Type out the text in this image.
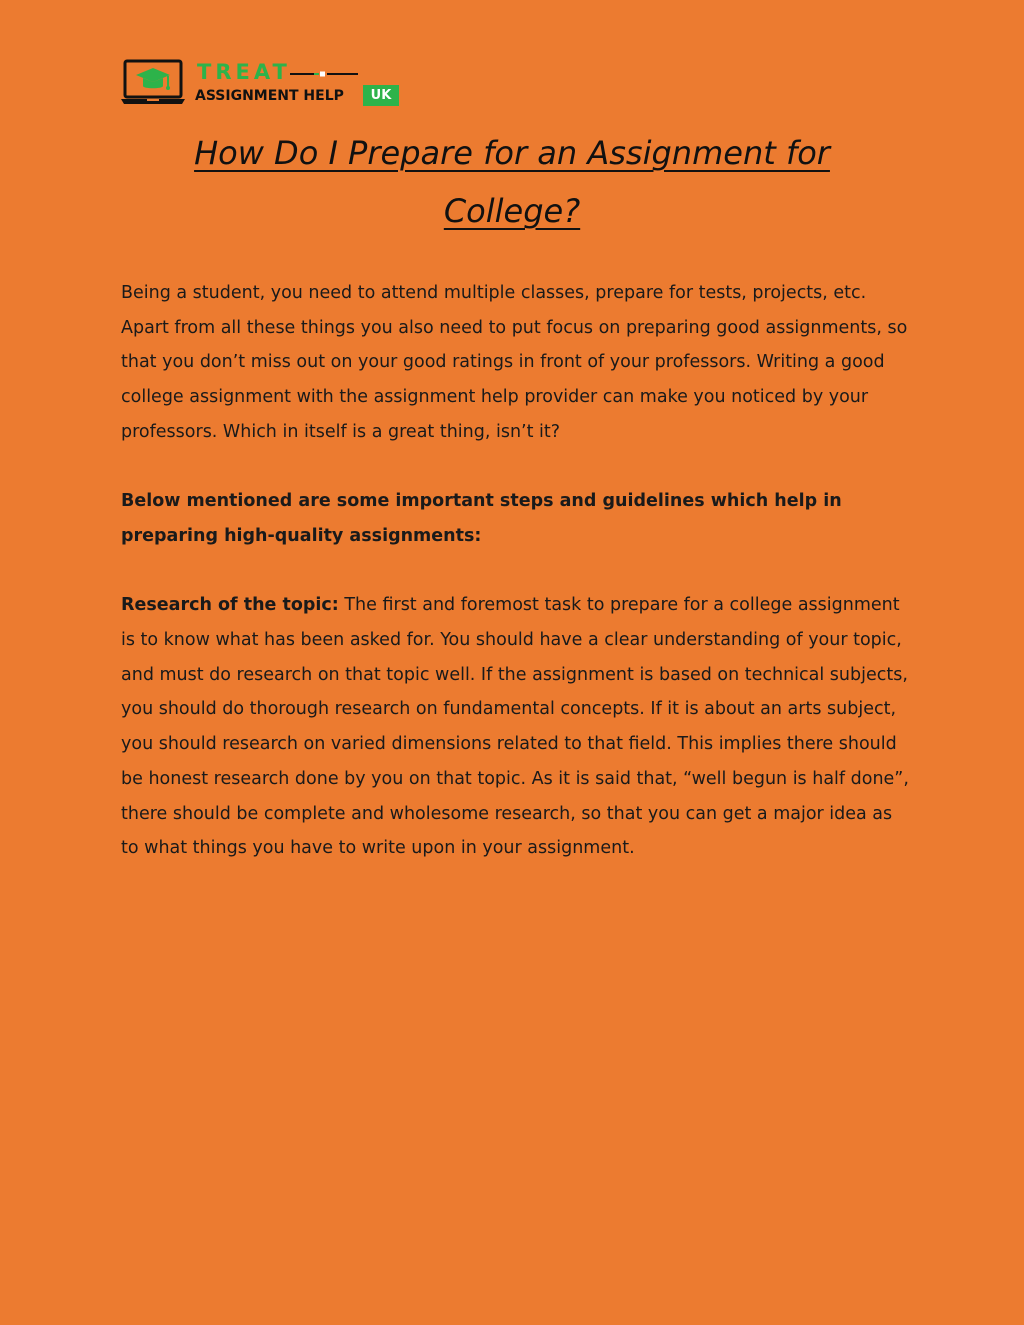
TREAT
ASSIGNMENT HELP	UK
How Do I Prepare for an Assignment for
College?

Being a student, you need to attend multiple classes, prepare for tests, projects, etc. Apart from all these things you also need to put focus on preparing good assignments, so that you don’t miss out on your good ratings in front of your professors. Writing a good college assignment with the assignment help provider can make you noticed by your professors. Which in itself is a great thing, isn’t it?

Below mentioned are some important steps and guidelines which help in preparing high-quality assignments:

Research of the topic: The first and foremost task to prepare for a college assignment is to know what has been asked for. You should have a clear understanding of your topic, and must do research on that topic well. If the assignment is based on technical subjects, you should do thorough research on fundamental concepts. If it is about an arts subject, you should research on varied dimensions related to that field. This implies there should be honest research done by you on that topic. As it is said that, “well begun is half done”, there should be complete and wholesome research, so that you can get a major idea as to what things you have to write upon in your assignment.
